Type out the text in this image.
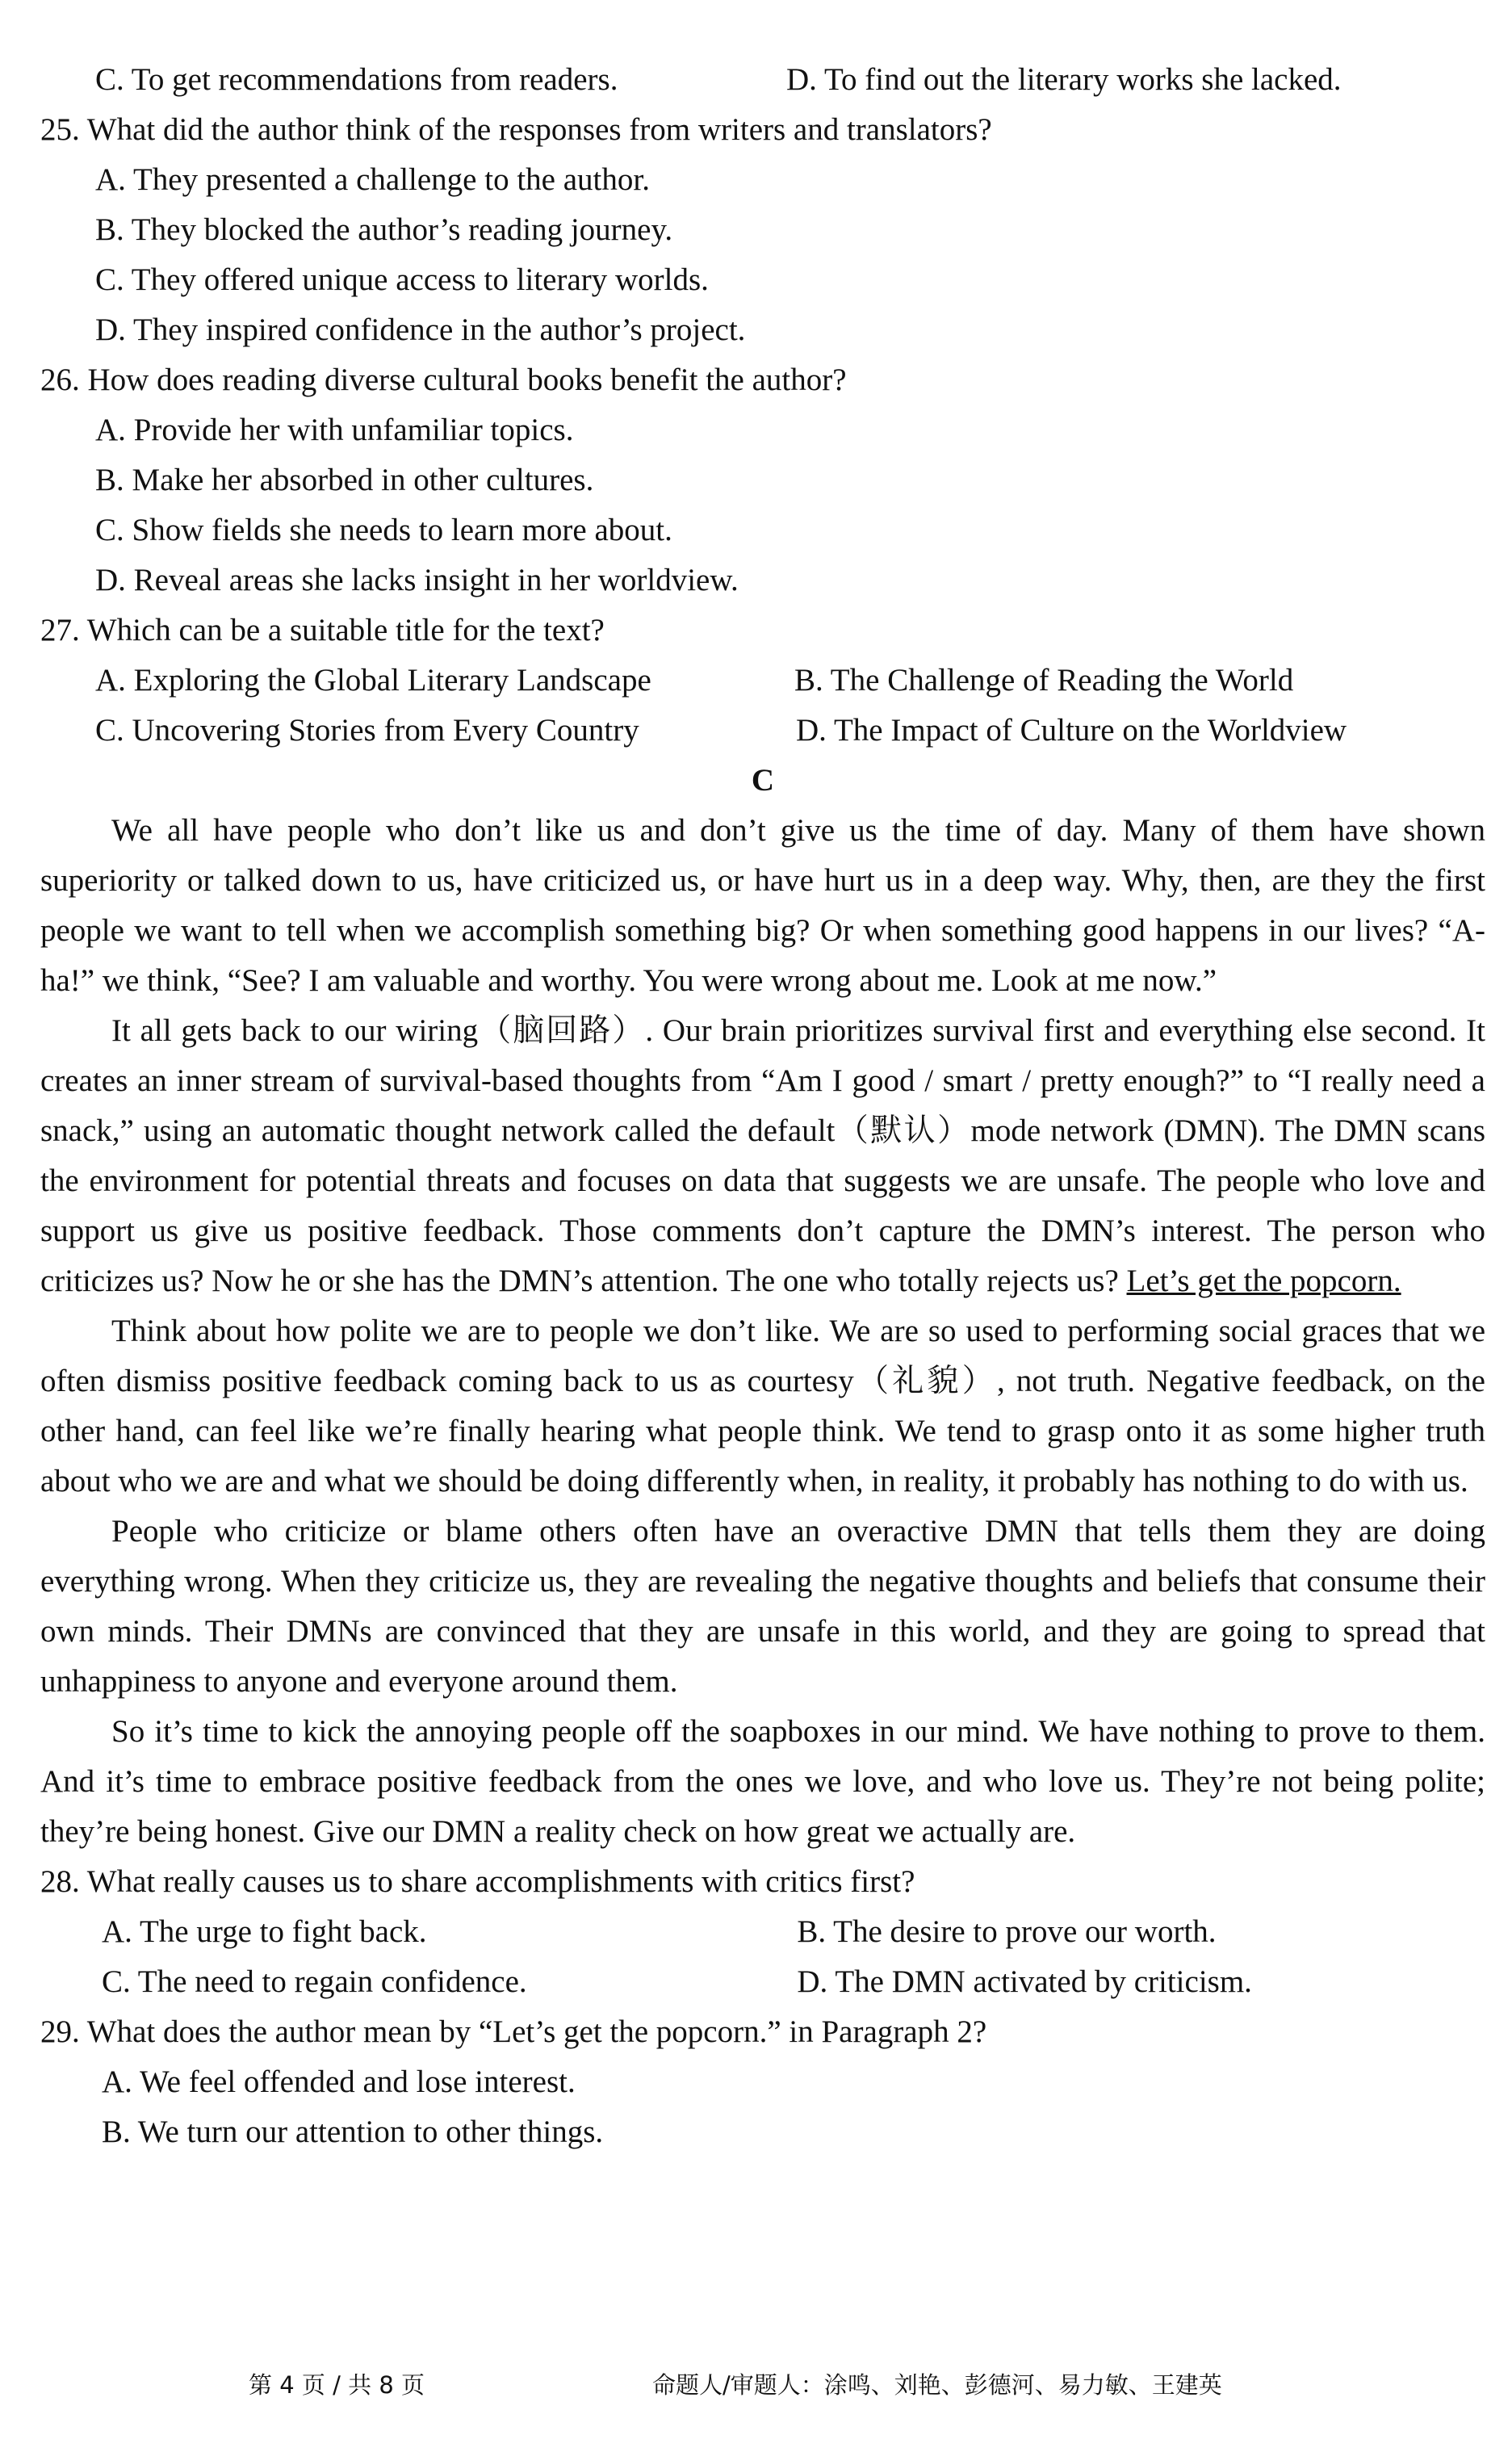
C. To get recommendations from readers.	D. To find out the literary works she lacked.
25. What did the author think of the responses from writers and translators?
A. They presented a challenge to the author.
B. They blocked the author’s reading journey.
C. They offered unique access to literary worlds.
D. They inspired confidence in the author’s project.
26. How does reading diverse cultural books benefit the author?
A. Provide her with unfamiliar topics.
B. Make her absorbed in other cultures.
C. Show fields she needs to learn more about.
D. Reveal areas she lacks insight in her worldview.
27. Which can be a suitable title for the text?
A. Exploring the Global Literary Landscape	B. The Challenge of Reading the World
C. Uncovering Stories from Every Country	D. The Impact of Culture on the Worldview
C

We all have people who don’t like us and don’t give us the time of day. Many of them have shown superiority or talked down to us, have criticized us, or have hurt us in a deep way. Why, then, are they the first people we want to tell when we accomplish something big? Or when something good happens in our lives? “A-ha!” we think, “See? I am valuable and worthy. You were wrong about me. Look at me now.”

It all gets back to our wiring（脑回路）. Our brain prioritizes survival first and everything else second. It creates an inner stream of survival-based thoughts from “Am I good / smart / pretty enough?” to “I really need a snack,” using an automatic thought network called the default（默认）mode network (DMN). The DMN scans the environment for potential threats and focuses on data that suggests we are unsafe. The people who love and support us give us positive feedback. Those comments don’t capture the DMN’s interest. The person who criticizes us? Now he or she has the DMN’s attention. The one who totally rejects us? Let’s get the popcorn.

Think about how polite we are to people we don’t like. We are so used to performing social graces that we often dismiss positive feedback coming back to us as courtesy（礼貌）, not truth. Negative feedback, on the other hand, can feel like we’re finally hearing what people think. We tend to grasp onto it as some higher truth about who we are and what we should be doing differently when, in reality, it probably has nothing to do with us.

People who criticize or blame others often have an overactive DMN that tells them they are doing everything wrong. When they criticize us, they are revealing the negative thoughts and beliefs that consume their own minds. Their DMNs are convinced that they are unsafe in this world, and they are going to spread that unhappiness to anyone and everyone around them.

So it’s time to kick the annoying people off the soapboxes in our mind. We have nothing to prove to them. And it’s time to embrace positive feedback from the ones we love, and who love us. They’re not being polite; they’re being honest. Give our DMN a reality check on how great we actually are.

28. What really causes us to share accomplishments with critics first?
A. The urge to fight back.	B. The desire to prove our worth.
C. The need to regain confidence.	D. The DMN activated by criticism.
29. What does the author mean by “Let’s get the popcorn.” in Paragraph 2?
A. We feel offended and lose interest.
B. We turn our attention to other things.
第 4 页 / 共 8 页	命题人/审题人：涂鸣、刘艳、彭德河、易力敏、王建英
